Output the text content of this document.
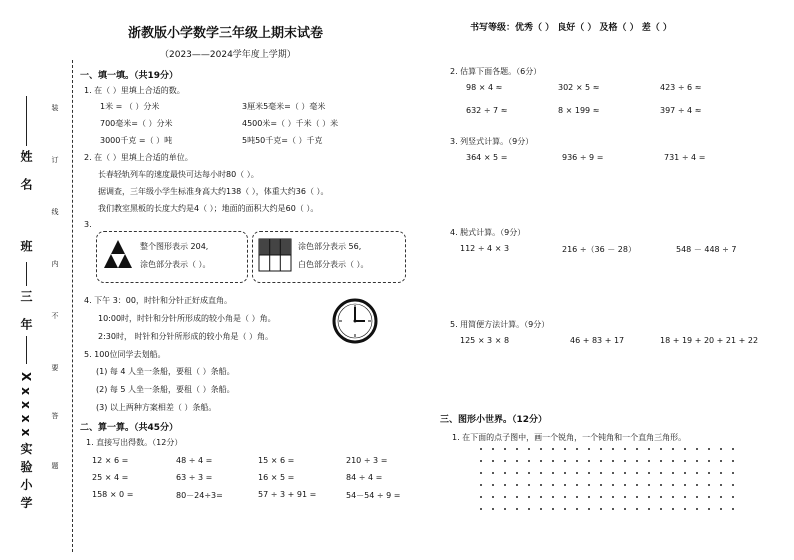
Xxxxx实验小学
三 年
班
姓 名
装
订
线
内
不
要
答
题
浙教版小学数学三年级上期末试卷
（2023——2024学年度上学期）
书写等级：优秀（ ） 良好（ ） 及格（ ） 差（ ）
一、填一填。（共19分）
1. 在（ ）里填上合适的数。
1米 = （ ）分米	3厘米5毫米=（ ）毫米
700毫米=（ ）分米	4500米=（ ）千米（ ）米
3000千克 =（ ）吨	5吨50千克=（ ）千克
2. 在（ ）里填上合适的单位。
长春轻轨列车的速度最快可达每小时80（ ）。
据调查，三年级小学生标准身高大约138（ ），体重大约36（ ）。
我们教室黑板的长度大约是4（ ）；地面的面积大约是60（ ）。
3.
整个图形表示 204,
涂色部分表示（ ）。
涂色部分表示 56,
白色部分表示（ ）。
4. 下午 3：00，时针和分针正好成直角。
10:00时，时针和分针所形成的较小角是（ ）角。
2:30时， 时针和分针所形成的较小角是（ ）角。
5. 100位同学去划船。
(1) 每 4 人坐一条船，要租（ ）条船。
(2) 每 5 人坐一条船，要租（ ）条船。
(3) 以上两种方案相差（ ）条船。
二、算一算。（共45分）
1. 直接写出得数。（12分）
12 × 6 =	48 ÷ 4 =	15 × 6 =	210 ÷ 3 =
25 × 4 =	63 ÷ 3 =	16 × 5 =	84 ÷ 4 =
158 × 0 =	80－24÷3=	57 ÷ 3 + 91 =	54－54 ÷ 9 =
2. 估算下面各题。（6分）
98 × 4 ≈	302 × 5 ≈	423 ÷ 6 ≈
632 ÷ 7 ≈	8 × 199 ≈	397 ÷ 4 ≈
3. 列竖式计算。（9分）
364 × 5 =	936 ÷ 9 =	731 ÷ 4 =
4. 脱式计算。（9分）
112 ÷ 4 × 3	216 ÷（36 － 28）	548 － 448 ÷ 7
5. 用简便方法计算。（9分）
125 × 3 × 8	46 + 83 + 17	18 + 19 + 20 + 21 + 22
三、图形小世界。（12分）
1. 在下面的点子图中，画一个锐角，一个钝角和一个直角三角形。
